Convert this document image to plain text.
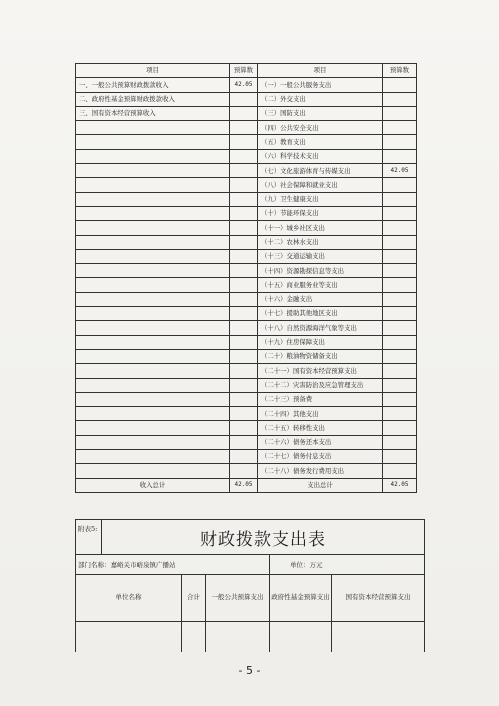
项目	预算数	项目	预算数
一、一般公共预算财政拨款收入	42.05	（一）一般公共服务支出	
二、政府性基金预算财政拨款收入		（二）外交支出	
三、国有资本经营预算收入		（三）国防支出	
		（四）公共安全支出	
		（五）教育支出	
		（六）科学技术支出	
		（七）文化旅游体育与传媒支出	42.05
		（八）社会保障和就业支出	
		（九）卫生健康支出	
		（十）节能环保支出	
		（十一）城乡社区支出	
		（十二）农林水支出	
		（十三）交通运输支出	
		（十四）资源勘探信息等支出	
		（十五）商业服务业等支出	
		（十六）金融支出	
		（十七）援助其他地区支出	
		（十八）自然资源海洋气象等支出	
		（十九）住房保障支出	
		（二十）粮油物资储备支出	
		（二十一）国有资本经营预算支出	
		（二十二）灾害防治及应急管理支出	
		（二十三）预备费	
		（二十四）其他支出	
		（二十五）转移性支出	
		（二十六）债务还本支出	
		（二十七）债务付息支出	
		（二十八）债务发行费用支出	
收入总计	42.05	支出总计	42.05
附表5:	财政拨款支出表				
部门名称：嘉峪关市峪泉镇广播站				单位：万元	
单位名称		合计	一般公共预算支出	政府性基金预算支出	国有资本经营预算支出

- 5 -
